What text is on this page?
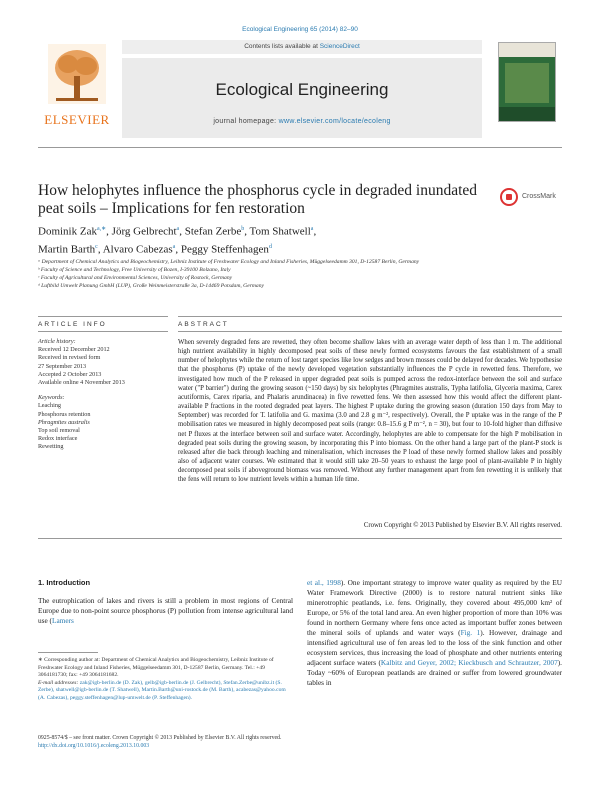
Ecological Engineering 65 (2014) 82–90
ELSEVIER
Contents lists available at ScienceDirect
Ecological Engineering
journal homepage: www.elsevier.com/locate/ecoleng
How helophytes influence the phosphorus cycle in degraded inundated peat soils – Implications for fen restoration
CrossMark
Dominik Zak$^{a,∗}$, Jörg Gelbrecht$^a$, Stefan Zerbe$^b$, Tom Shatwell$^a$,
Martin Barth$^c$, Alvaro Cabezas$^a$, Peggy Steffenhagen$^d$
ᵃ Department of Chemical Analytics and Biogeochemistry, Leibniz Institute of Freshwater Ecology and Inland Fisheries, Müggelseedamm 301, D-12587 Berlin, Germany
ᵇ Faculty of Science and Technology, Free University of Bozen, I-39100 Bolzano, Italy
ᶜ Faculty of Agricultural and Environmental Sciences, University of Rostock, Germany
ᵈ Luftbild Umwelt Planung GmbH (LUP), Große Weinmeisterstraße 3a, D-14469 Potsdam, Germany
ARTICLE INFO	ABSTRACT
Article history:
Received 12 December 2012
Received in revised form
27 September 2013
Accepted 2 October 2013
Available online 4 November 2013
Keywords:
Leaching
Phosphorus retention
Phragmites australis
Top soil removal
Redox interface
Rewetting
When severely degraded fens are rewetted, they often become shallow lakes with an average water depth of less than 1 m. The additional high nutrient availability in highly decomposed peat soils of these newly formed ecosystems favours the fast establishment of a small number of helophytes while the return of lost target species like low sedges and brown mosses could be delayed for decades. We hypothesise that the phosphorus (P) uptake of the newly developed vegetation substantially influences the P cycle in rewetted fens. Therefore, we investigated how much of the P released in upper degraded peat soils is pumped across the redox-interface between the soil and surface water ("P barrier") during the growing season (~150 days) by six helophytes (Phragmites australis, Typha latifolia, Glyceria maxima, Carex acutiformis, Carex riparia, and Phalaris arundinacea) in five rewetted fens. We then assessed how this would affect the different plant-available P fractions in the rooted degraded peat layers. The highest P uptake during the growing season (duration 150 days from May to September) was recorded for T. latifolia and G. maxima (3.0 and 2.8 g m⁻², respectively). Overall, the P uptake was in the range of the P mobilisation rates we measured in highly decomposed peat soils (range: 0.8–15.6 g P m⁻², n = 30), but four to 10-fold higher than diffusive net P fluxes at the interface between soil and surface water. Accordingly, helophytes are able to compensate for the high P mobilisation in degraded peat soils during the growing season, by incorporating this P into biomass. On the other hand a large part of the plant-P stock is released after die back through leaching and mineralisation, which increases the P load of these newly formed shallow lakes and possibly also of adjacent water courses. We estimated that it would still take 20–50 years to exhaust the large pool of plant-available P in highly decomposed peat soils if aboveground biomass was removed. Without any further management apart from fen rewetting it is unlikely that the fens will return to low nutrient levels within a human life time.
Crown Copyright © 2013 Published by Elsevier B.V. All rights reserved.
1. Introduction
The eutrophication of lakes and rivers is still a problem in most regions of Central Europe due to non-point source phosphorus (P) pollution from intense agricultural land use (Lamers
et al., 1998). One important strategy to improve water quality as required by the EU Water Framework Directive (2000) is to restore natural nutrient sinks like minerotrophic peatlands, i.e. fens. Originally, they covered about 495,000 km² of Europe, or 5% of the total land area. An even higher proportion of more than 10% was found in northern Germany where fens once acted as important buffer zones between the mineral soils of uplands and water ways (Fig. 1). However, drainage and intensified agricultural use of fen areas led to the loss of the sink function and other ecosystem services, thus increasing the load of phosphate and other nutrients entering adjacent surface waters (Kalbitz and Geyer, 2002; Kieckbusch and Schrautzer, 2007). Today ~60% of European peatlands are drained or suffer from lowered groundwater tables in
∗ Corresponding author at: Department of Chemical Analytics and Biogeochemistry, Leibniz Institute of Freshwater Ecology and Inland Fisheries, Müggelseedamm 301, D-12587 Berlin, Germany. Tel.: +49 3064181730; fax: +49 3064181682.
E-mail addresses: zak@igb-berlin.de (D. Zak), gelb@igb-berlin.de (J. Gelbrecht), Stefan.Zerbe@unibz.it (S. Zerbe), shatwell@igb-berlin.de (T. Shatwell), Martin.Barth@uni-rostock.de (M. Barth), acabezas@yahoo.com (A. Cabezas), peggy.steffenhagen@lup-umwelt.de (P. Steffenhagen).
0925-8574/$ – see front matter. Crown Copyright © 2013 Published by Elsevier B.V. All rights reserved.
http://dx.doi.org/10.1016/j.ecoleng.2013.10.003
